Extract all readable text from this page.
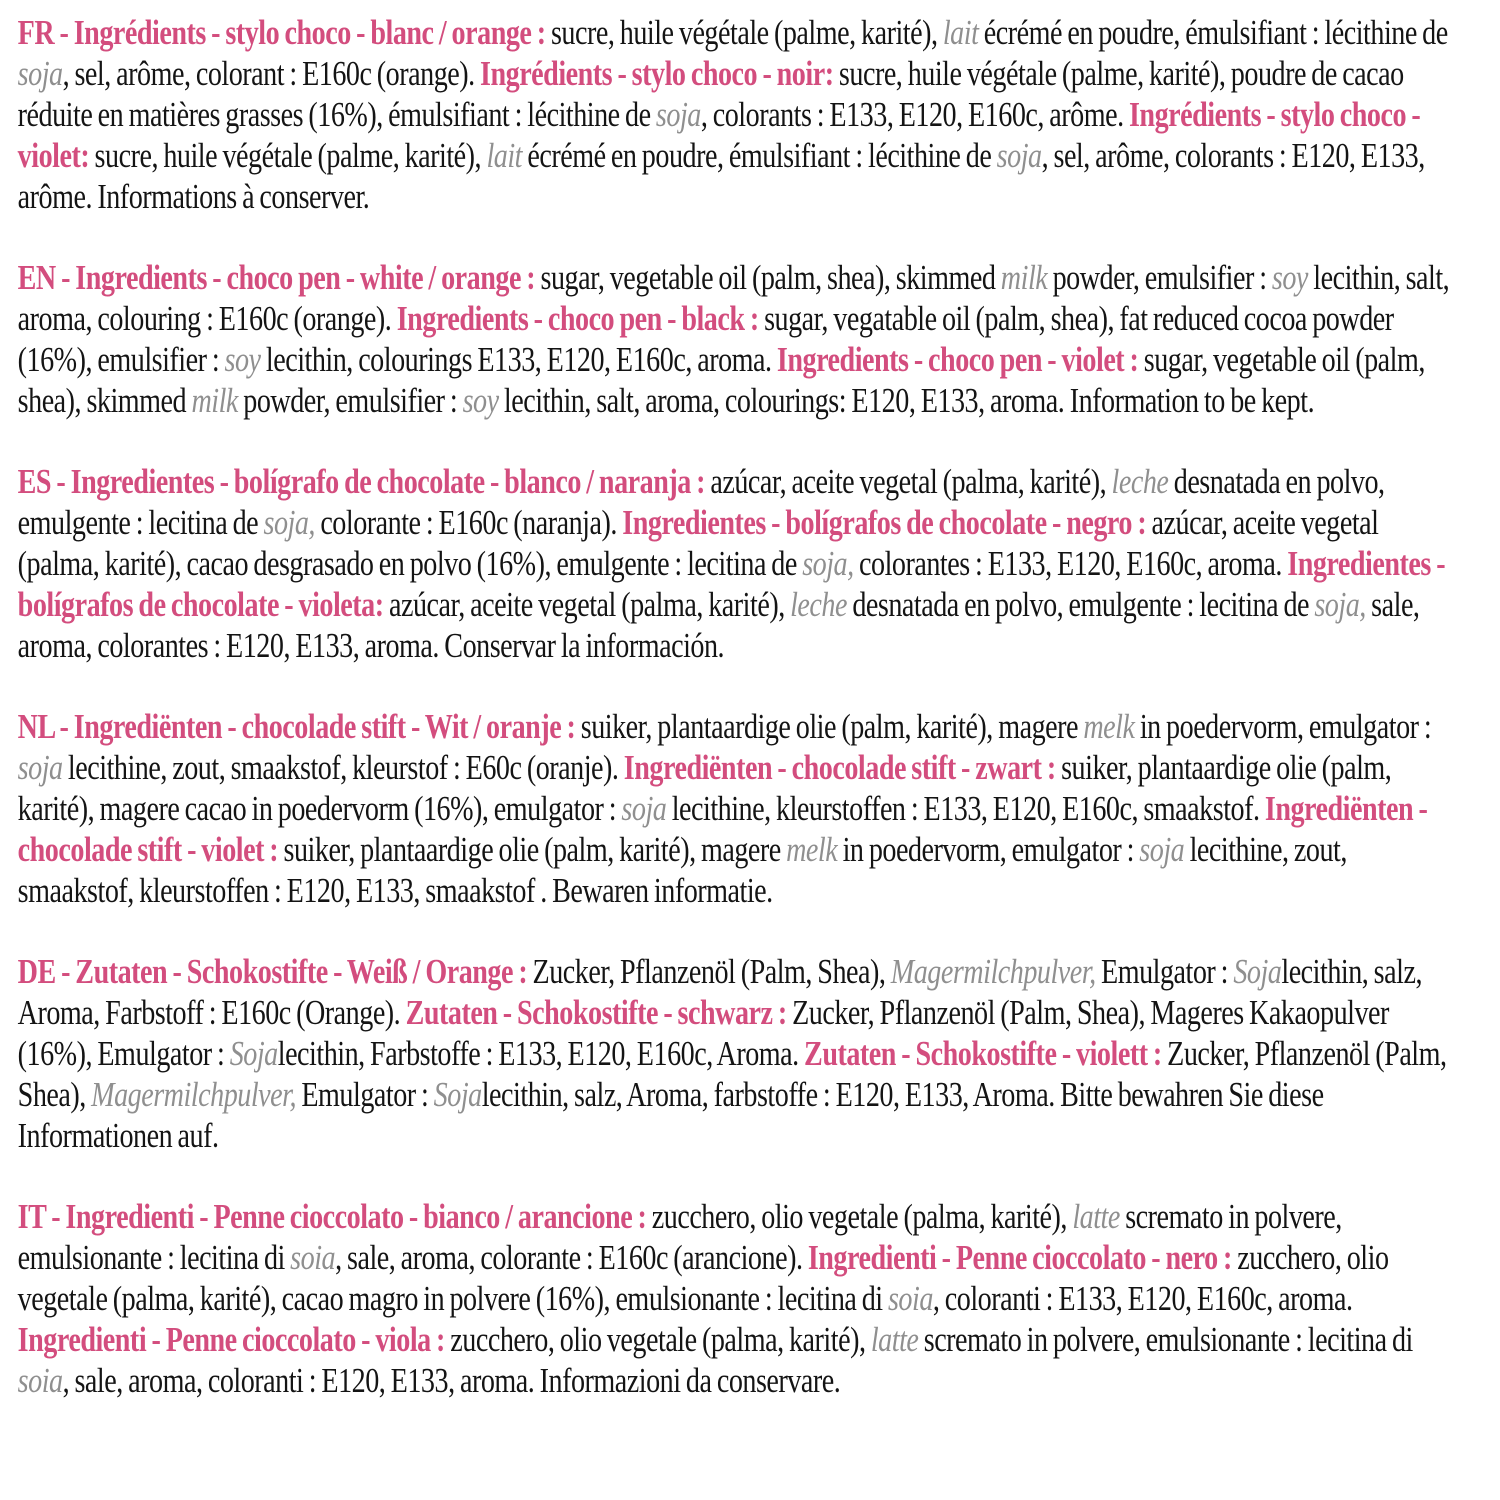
FR - Ingrédients - stylo choco - blanc / orange : sucre, huile végétale (palme, karité), lait écrémé en poudre, émulsifiant : lécithine de soja, sel, arôme, colorant : E160c (orange). Ingrédients - stylo choco - noir: sucre, huile végétale (palme, karité), poudre de cacao réduite en matières grasses (16%), émulsifiant : lécithine de soja, colorants : E133, E120, E160c, arôme. Ingrédients - stylo choco - violet: sucre, huile végétale (palme, karité), lait écrémé en poudre, émulsifiant : lécithine de soja, sel, arôme, colorants : E120, E133, arôme. Informations à conserver.

EN - Ingredients - choco pen - white / orange : sugar, vegetable oil (palm, shea), skimmed milk powder, emulsifier : soy lecithin, salt, aroma, colouring : E160c (orange). Ingredients - choco pen - black : sugar, vegatable oil (palm, shea), fat reduced cocoa powder (16%), emulsifier : soy lecithin, colourings E133, E120, E160c, aroma. Ingredients - choco pen - violet : sugar, vegetable oil (palm, shea), skimmed milk powder, emulsifier : soy lecithin, salt, aroma, colourings: E120, E133, aroma. Information to be kept.

ES - Ingredientes - bolígrafo de chocolate - blanco / naranja : azúcar, aceite vegetal (palma, karité), leche desnatada en polvo, emulgente : lecitina de soja, colorante : E160c (naranja). Ingredientes - bolígrafos de chocolate - negro : azúcar, aceite vegetal (palma, karité), cacao desgrasado en polvo (16%), emulgente : lecitina de soja, colorantes : E133, E120, E160c, aroma. Ingredientes - bolígrafos de chocolate - violeta: azúcar, aceite vegetal (palma, karité), leche desnatada en polvo, emulgente : lecitina de soja, sale, aroma, colorantes : E120, E133, aroma. Conservar la información.

NL - Ingrediënten - chocolade stift - Wit / oranje : suiker, plantaardige olie (palm, karité), magere melk in poedervorm, emulgator : soja lecithine, zout, smaakstof, kleurstof : E60c (oranje). Ingrediënten - chocolade stift - zwart : suiker, plantaardige olie (palm, karité), magere cacao in poedervorm (16%), emulgator : soja lecithine, kleurstoffen : E133, E120, E160c, smaakstof. Ingrediënten - chocolade stift - violet : suiker, plantaardige olie (palm, karité), magere melk in poedervorm, emulgator : soja lecithine, zout, smaakstof, kleurstoffen : E120, E133, smaakstof . Bewaren informatie.

DE - Zutaten - Schokostifte - Weiß / Orange : Zucker, Pflanzenöl (Palm, Shea), Magermilchpulver, Emulgator : Sojalecithin, salz, Aroma, Farbstoff : E160c (Orange). Zutaten - Schokostifte - schwarz : Zucker, Pflanzenöl (Palm, Shea), Mageres Kakaopulver (16%), Emulgator : Sojalecithin, Farbstoffe : E133, E120, E160c, Aroma. Zutaten - Schokostifte - violett : Zucker, Pflanzenöl (Palm, Shea), Magermilchpulver, Emulgator : Sojalecithin, salz, Aroma, farbstoffe : E120, E133, Aroma. Bitte bewahren Sie diese Informationen auf.

IT - Ingredienti - Penne cioccolato - bianco / arancione : zucchero, olio vegetale (palma, karité), latte scremato in polvere, emulsionante : lecitina di soia, sale, aroma, colorante : E160c (arancione). Ingredienti - Penne cioccolato - nero : zucchero, olio vegetale (palma, karité), cacao magro in polvere (16%), emulsionante : lecitina di soia, coloranti : E133, E120, E160c, aroma. Ingredienti - Penne cioccolato - viola : zucchero, olio vegetale (palma, karité), latte scremato in polvere, emulsionante : lecitina di soia, sale, aroma, coloranti : E120, E133, aroma. Informazioni da conservare.
